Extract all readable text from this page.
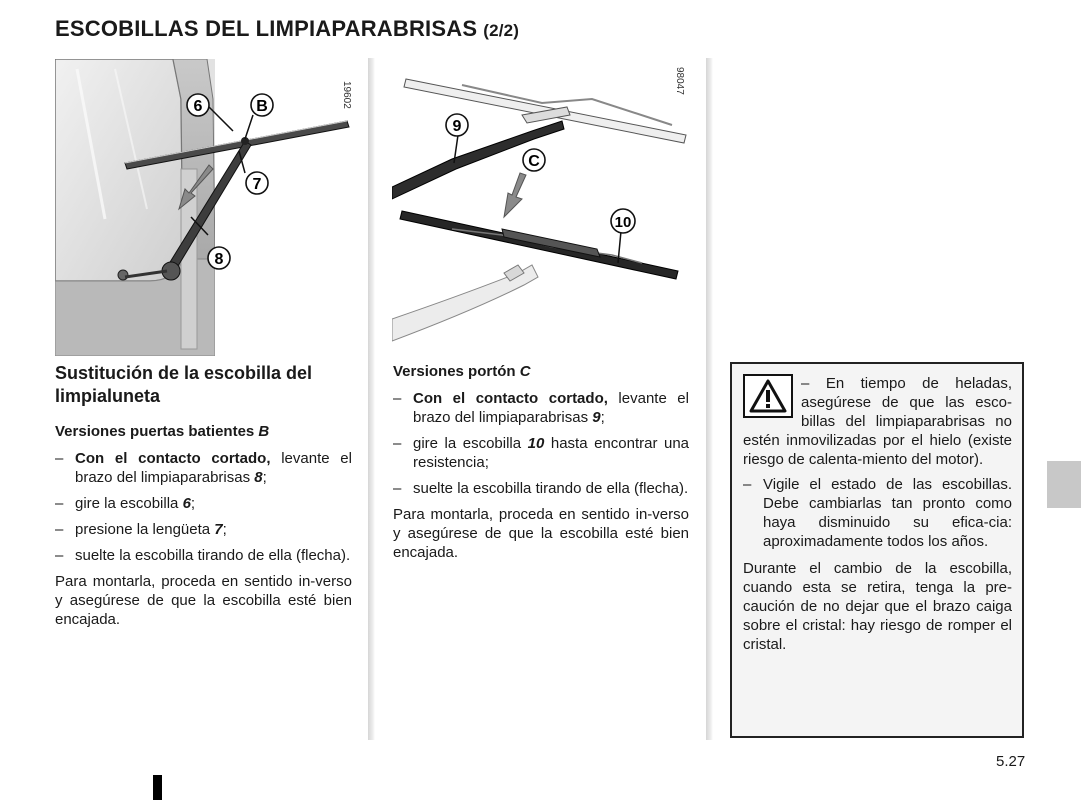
ESCOBILLAS DEL LIMPIAPARABRISAS (2/2)
6	B
7
8
19602
9
C
10
98047
Sustitución de la escobilla del limpialuneta

Versiones puertas batientes B

– Con el contacto cortado, levante el brazo del limpiaparabrisas 8;
– gire la escobilla 6;
– presione la lengüeta 7;
– suelte la escobilla tirando de ella (flecha).

Para montarla, proceda en sentido in-verso y asegúrese de que la escobilla esté bien encajada.

Versiones portón C

– Con el contacto cortado, levante el brazo del limpiaparabrisas 9;
– gire la escobilla 10 hasta encontrar una resistencia;
– suelte la escobilla tirando de ella (flecha).

Para montarla, proceda en sentido in-verso y asegúrese de que la escobilla esté bien encajada.

– En tiempo de heladas, asegúrese de que las esco-billas del limpiaparabrisas no estén inmovilizadas por el hielo (existe riesgo de calenta-miento del motor).

– Vigile el estado de las escobillas. Debe cambiarlas tan pronto como haya disminuido su efica-cia: aproximadamente todos los años.

Durante el cambio de la escobilla, cuando esta se retira, tenga la pre-caución de no dejar que el brazo caiga sobre el cristal: hay riesgo de romper el cristal.

5.27
